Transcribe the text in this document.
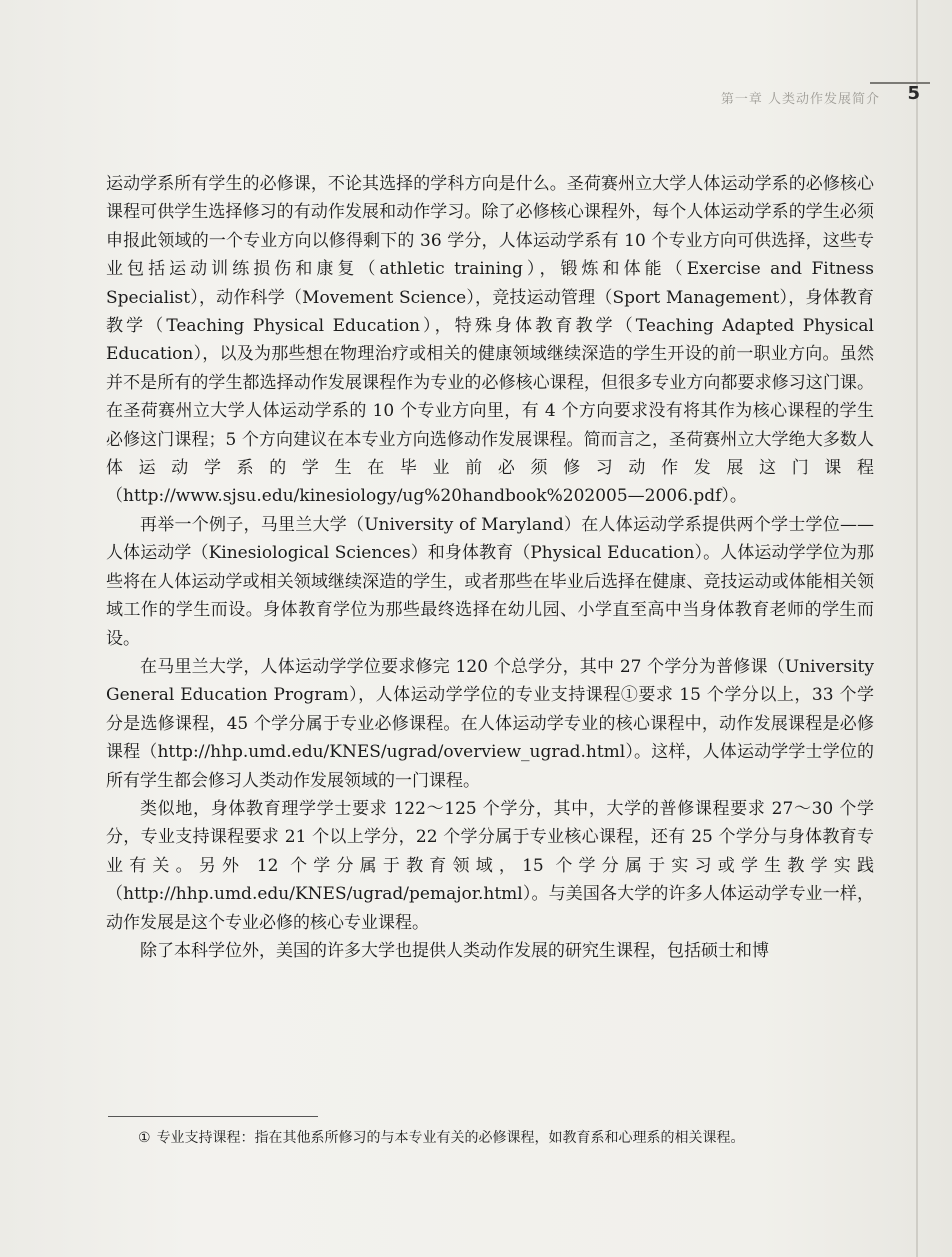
第一章 人类动作发展简介 5

运动学系所有学生的必修课，不论其选择的学科方向是什么。圣荷赛州立大学人体运动学系的必修核心课程可供学生选择修习的有动作发展和动作学习。除了必修核心课程外，每个人体运动学系的学生必须申报此领域的一个专业方向以修得剩下的 36 学分，人体运动学系有 10 个专业方向可供选择，这些专业包括运动训练损伤和康复（athletic training），锻炼和体能（Exercise and Fitness Specialist），动作科学（Movement Science），竞技运动管理（Sport Management），身体教育教学（Teaching Physical Education），特殊身体教育教学（Teaching Adapted Physical Education），以及为那些想在物理治疗或相关的健康领域继续深造的学生开设的前一职业方向。虽然并不是所有的学生都选择动作发展课程作为专业的必修核心课程，但很多专业方向都要求修习这门课。在圣荷赛州立大学人体运动学系的 10 个专业方向里，有 4 个方向要求没有将其作为核心课程的学生必修这门课程；5 个方向建议在本专业方向选修动作发展课程。简而言之，圣荷赛州立大学绝大多数人体运动学系的学生在毕业前必须修习动作发展这门课程（http://www.sjsu.edu/kinesiology/ug%20handbook%202005—2006.pdf）。

再举一个例子，马里兰大学（University of Maryland）在人体运动学系提供两个学士学位——人体运动学（Kinesiological Sciences）和身体教育（Physical Education）。人体运动学学位为那些将在人体运动学或相关领域继续深造的学生，或者那些在毕业后选择在健康、竞技运动或体能相关领域工作的学生而设。身体教育学位为那些最终选择在幼儿园、小学直至高中当身体教育老师的学生而设。

在马里兰大学，人体运动学学位要求修完 120 个总学分，其中 27 个学分为普修课（University General Education Program），人体运动学学位的专业支持课程①要求 15 个学分以上，33 个学分是选修课程，45 个学分属于专业必修课程。在人体运动学专业的核心课程中，动作发展课程是必修课程（http://hhp.umd.edu/KNES/ugrad/overview_ugrad.html）。这样，人体运动学学士学位的所有学生都会修习人类动作发展领域的一门课程。

类似地，身体教育理学学士要求 122～125 个学分，其中，大学的普修课程要求 27～30 个学分，专业支持课程要求 21 个以上学分，22 个学分属于专业核心课程，还有 25 个学分与身体教育专业有关。另外 12 个学分属于教育领域，15 个学分属于实习或学生教学实践（http://hhp.umd.edu/KNES/ugrad/pemajor.html）。与美国各大学的许多人体运动学专业一样，动作发展是这个专业必修的核心专业课程。

除了本科学位外，美国的许多大学也提供人类动作发展的研究生课程，包括硕士和博

① 专业支持课程：指在其他系所修习的与本专业有关的必修课程，如教育系和心理系的相关课程。
